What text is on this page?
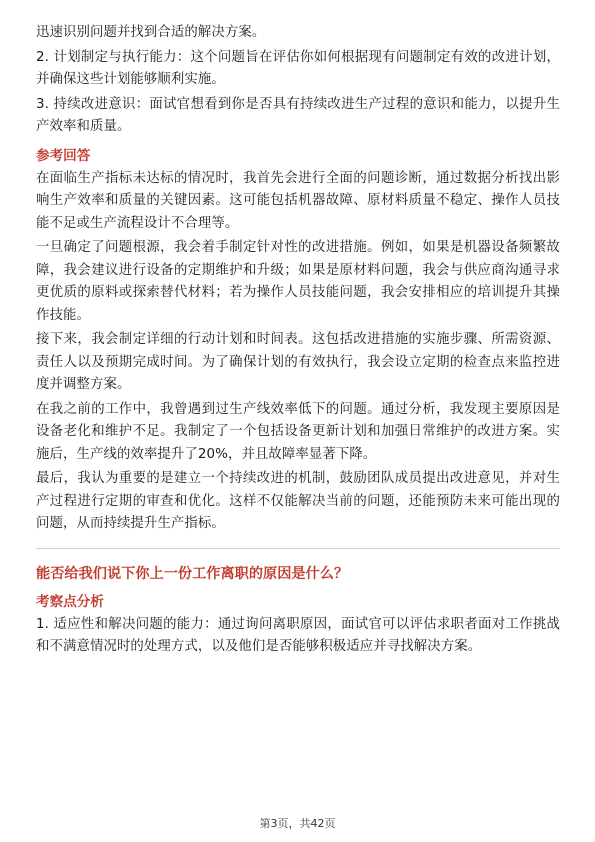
迅速识别问题并找到合适的解决方案。

2. 计划制定与执行能力：这个问题旨在评估你如何根据现有问题制定有效的改进计划，并确保这些计划能够顺利实施。

3. 持续改进意识：面试官想看到你是否具有持续改进生产过程的意识和能力，以提升生产效率和质量。

参考回答

在面临生产指标未达标的情况时，我首先会进行全面的问题诊断，通过数据分析找出影响生产效率和质量的关键因素。这可能包括机器故障、原材料质量不稳定、操作人员技能不足或生产流程设计不合理等。

一旦确定了问题根源，我会着手制定针对性的改进措施。例如，如果是机器设备频繁故障，我会建议进行设备的定期维护和升级；如果是原材料问题，我会与供应商沟通寻求更优质的原料或探索替代材料；若为操作人员技能问题，我会安排相应的培训提升其操作技能。

接下来，我会制定详细的行动计划和时间表。这包括改进措施的实施步骤、所需资源、责任人以及预期完成时间。为了确保计划的有效执行，我会设立定期的检查点来监控进度并调整方案。

在我之前的工作中，我曾遇到过生产线效率低下的问题。通过分析，我发现主要原因是设备老化和维护不足。我制定了一个包括设备更新计划和加强日常维护的改进方案。实施后，生产线的效率提升了20%，并且故障率显著下降。

最后，我认为重要的是建立一个持续改进的机制，鼓励团队成员提出改进意见，并对生产过程进行定期的审查和优化。这样不仅能解决当前的问题，还能预防未来可能出现的问题，从而持续提升生产指标。

能否给我们说下你上一份工作离职的原因是什么？
考察点分析

1. 适应性和解决问题的能力：通过询问离职原因，面试官可以评估求职者面对工作挑战和不满意情况时的处理方式，以及他们是否能够积极适应并寻找解决方案。

第3页，共42页
